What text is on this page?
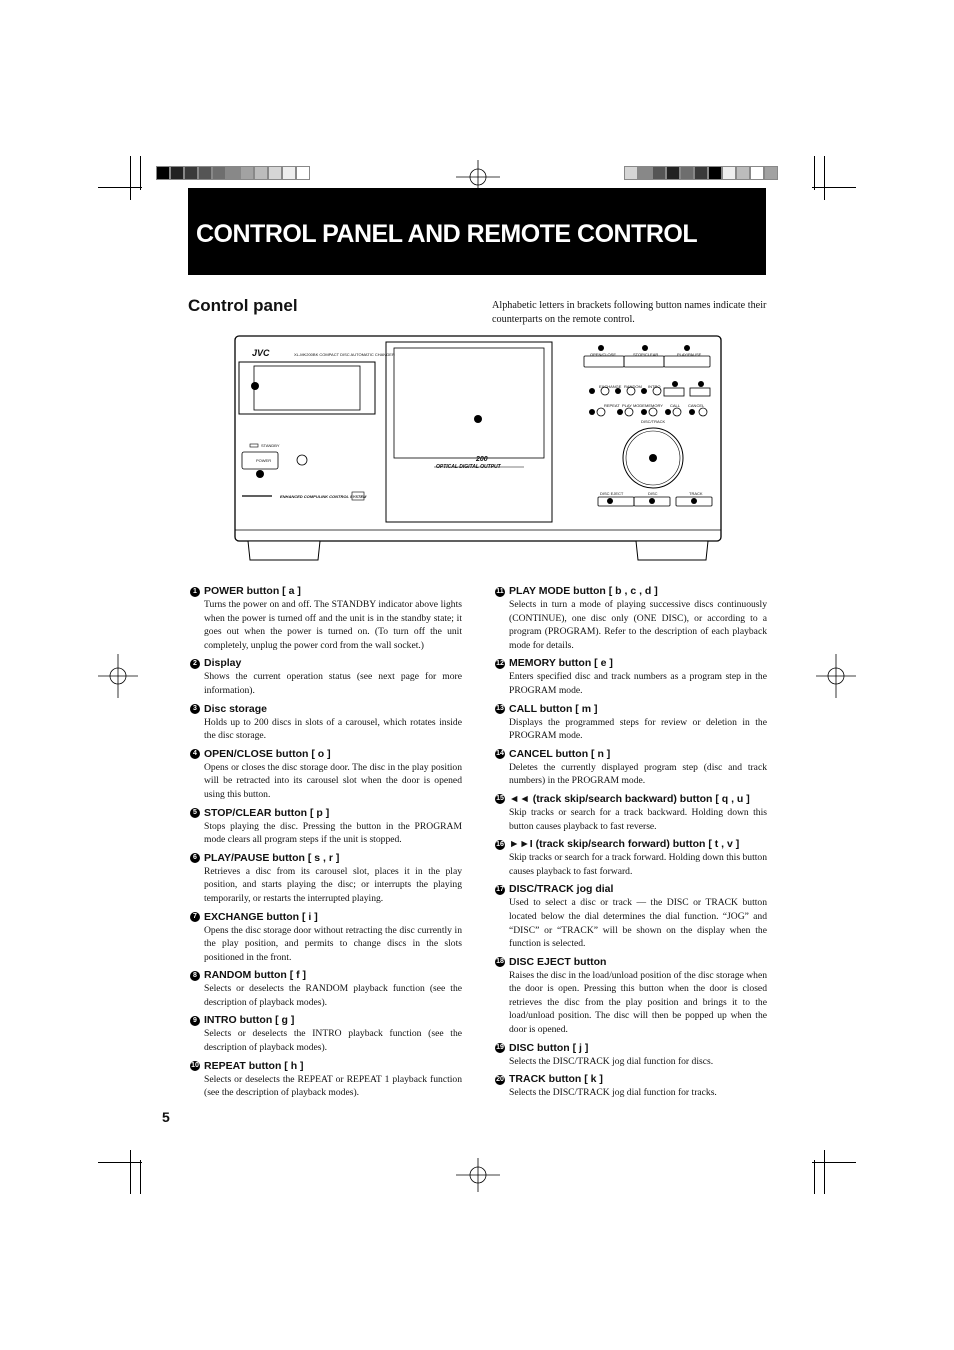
CONTROL PANEL AND REMOTE CONTROL
Control panel	Alphabetic letters in brackets following button names indicate their counterparts on the remote control.
JVC	XL-MK200BK COMPACT DISC AUTOMATIC CHANGER
200
OPTICAL DIGITAL OUTPUT
ENHANCED COMPULINK CONTROL SYSTEM
STANDBY
POWER
OPEN/CLOSE	STOP/CLEAR	PLAY/PAUSE
EXCHANGE RANDOM INTRO
REPEAT PLAY MODE MEMORY CALL CANCEL
DISC/TRACK
DISC EJECT	DISC	TRACK
1 POWER button [ a ]
Turns the power on and off. The STANDBY indicator above lights when the power is turned off and the unit is in the standby state; it goes out when the power is turned on. (To turn off the unit completely, unplug the power cord from the wall socket.)
2 Display
Shows the current operation status (see next page for more information).
3 Disc storage
Holds up to 200 discs in slots of a carousel, which rotates inside the disc storage.
4 OPEN/CLOSE button [ o ]
Opens or closes the disc storage door. The disc in the play position will be retracted into its carousel slot when the door is opened using this button.
5 STOP/CLEAR button [ p ]
Stops playing the disc. Pressing the button in the PROGRAM mode clears all program steps if the unit is stopped.
6 PLAY/PAUSE button [ s , r ]
Retrieves a disc from its carousel slot, places it in the play position, and starts playing the disc; or interrupts the playing temporarily, or restarts the interrupted playing.
7 EXCHANGE button [ i ]
Opens the disc storage door without retracting the disc currently in the play position, and permits to change discs in the slots positioned in the front.
8 RANDOM button [ f ]
Selects or deselects the RANDOM playback function (see the description of playback modes).
9 INTRO button [ g ]
Selects or deselects the INTRO playback function (see the description of playback modes).
10 REPEAT button [ h ]
Selects or deselects the REPEAT or REPEAT 1 playback function (see the description of playback modes).
11 PLAY MODE button [ b , c , d ]
Selects in turn a mode of playing successive discs continuously (CONTINUE), one disc only (ONE DISC), or according to a program (PROGRAM). Refer to the description of each playback mode for details.
12 MEMORY button [ e ]
Enters specified disc and track numbers as a program step in the PROGRAM mode.
13 CALL button [ m ]
Displays the programmed steps for review or deletion in the PROGRAM mode.
14 CANCEL button [ n ]
Deletes the currently displayed program step (disc and track numbers) in the PROGRAM mode.
15 ◄◄ (track skip/search backward) button [ q , u ]
Skip tracks or search for a track backward. Holding down this button causes playback to fast reverse.
16 ►►I (track skip/search forward) button [ t , v ]
Skip tracks or search for a track forward. Holding down this button causes playback to fast forward.
17 DISC/TRACK jog dial
Used to select a disc or track — the DISC or TRACK button located below the dial determines the dial function. “JOG” and “DISC” or “TRACK” will be shown on the display when the function is selected.
18 DISC EJECT button
Raises the disc in the load/unload position of the disc storage when the door is open. Pressing this button when the door is closed retrieves the disc from the play position and brings it to the load/unload position. The disc will then be popped up when the door is opened.
19 DISC button [ j ]
Selects the DISC/TRACK jog dial function for discs.
20 TRACK button [ k ]
Selects the DISC/TRACK jog dial function for tracks.
5
